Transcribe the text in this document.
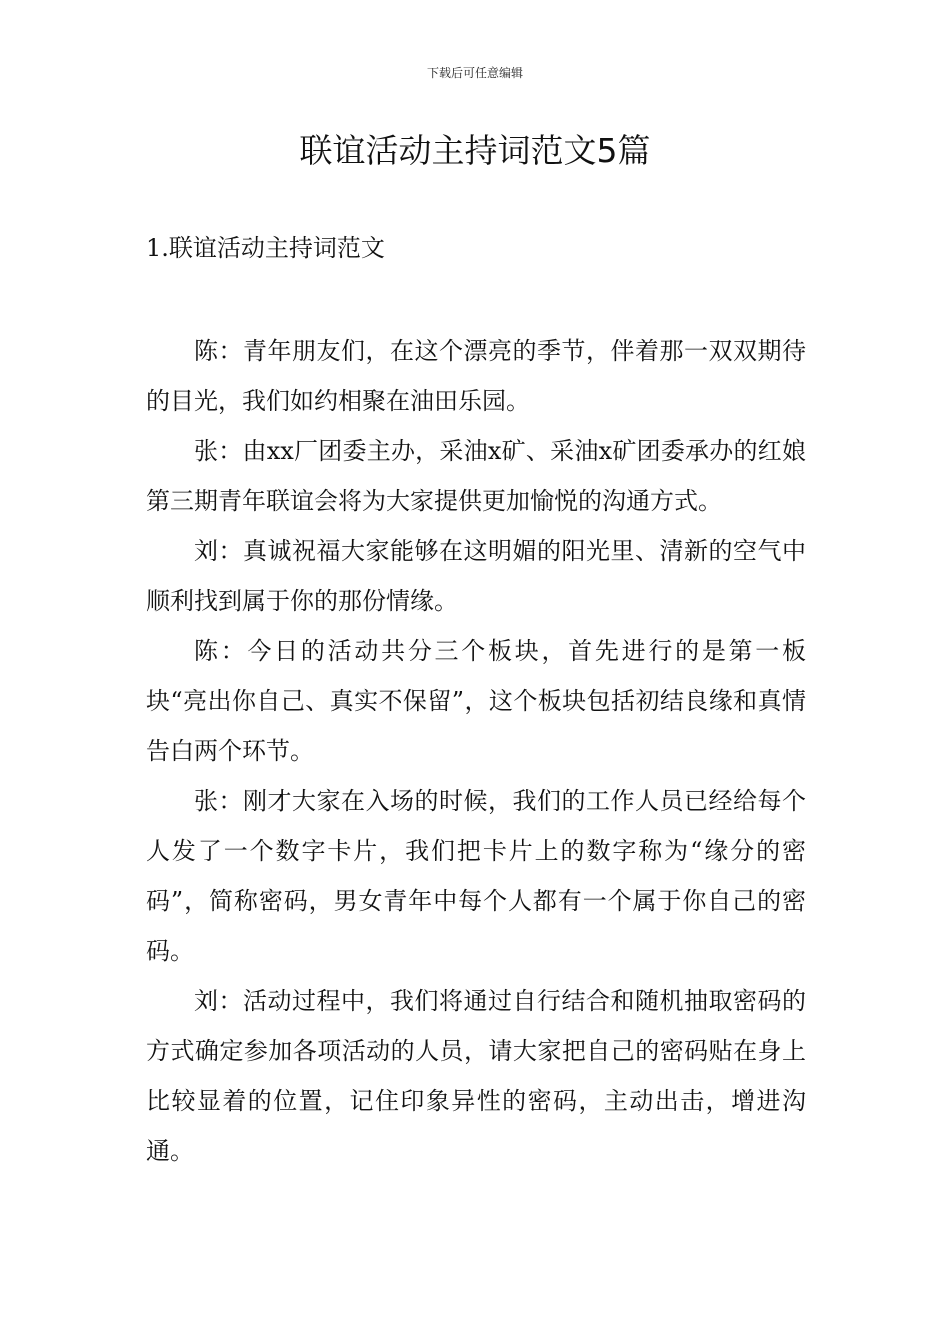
下载后可任意编辑
联谊活动主持词范文5篇
1.联谊活动主持词范文

陈：青年朋友们，在这个漂亮的季节，伴着那一双双期待的目光，我们如约相聚在油田乐园。

张：由xx厂团委主办，采油x矿、采油x矿团委承办的红娘第三期青年联谊会将为大家提供更加愉悦的沟通方式。

刘：真诚祝福大家能够在这明媚的阳光里、清新的空气中顺利找到属于你的那份情缘。

陈：今日的活动共分三个板块，首先进行的是第一板块“亮出你自己、真实不保留”，这个板块包括初结良缘和真情告白两个环节。

张：刚才大家在入场的时候，我们的工作人员已经给每个人发了一个数字卡片，我们把卡片上的数字称为“缘分的密码”，简称密码，男女青年中每个人都有一个属于你自己的密码。

刘：活动过程中，我们将通过自行结合和随机抽取密码的方式确定参加各项活动的人员，请大家把自己的密码贴在身上比较显着的位置，记住印象异性的密码，主动出击，增进沟通。
